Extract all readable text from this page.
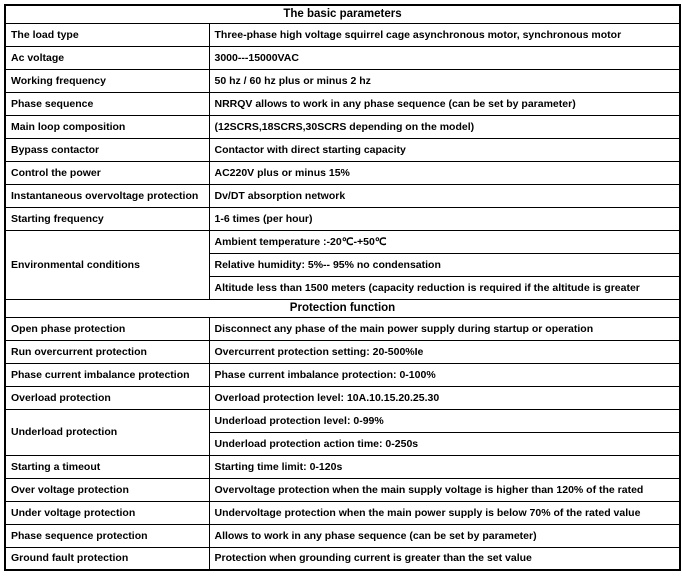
The basic parameters	
The load type	Three-phase high voltage squirrel cage asynchronous motor, synchronous motor
Ac voltage	3000---15000VAC
Working frequency	50 hz / 60 hz plus or minus 2 hz
Phase sequence	NRRQV allows to work in any phase sequence (can be set by parameter)
Main loop composition	(12SCRS,18SCRS,30SCRS depending on the model)
Bypass contactor	Contactor with direct starting capacity
Control the power	AC220V plus or minus 15%
Instantaneous overvoltage protection	Dv/DT absorption network
Starting frequency	1-6 times (per hour)
Environmental conditions	Ambient temperature :-20℃-+50℃
	Relative humidity: 5%-- 95% no condensation
	Altitude less than 1500 meters (capacity reduction is required if the altitude is greater
Protection function	
Open phase protection	Disconnect any phase of the main power supply during startup or operation
Run overcurrent protection	Overcurrent protection setting: 20-500%Ie
Phase current imbalance protection	Phase current imbalance protection: 0-100%
Overload protection	Overload protection level: 10A.10.15.20.25.30
Underload protection	Underload protection level: 0-99%
	Underload protection action time: 0-250s
Starting a timeout	Starting time limit: 0-120s
Over voltage protection	Overvoltage protection when the main supply voltage is higher than 120% of the rated
Under voltage protection	Undervoltage protection when the main power supply is below 70% of the rated value
Phase sequence protection	Allows to work in any phase sequence (can be set by parameter)
Ground fault protection	Protection when grounding current is greater than the set value
